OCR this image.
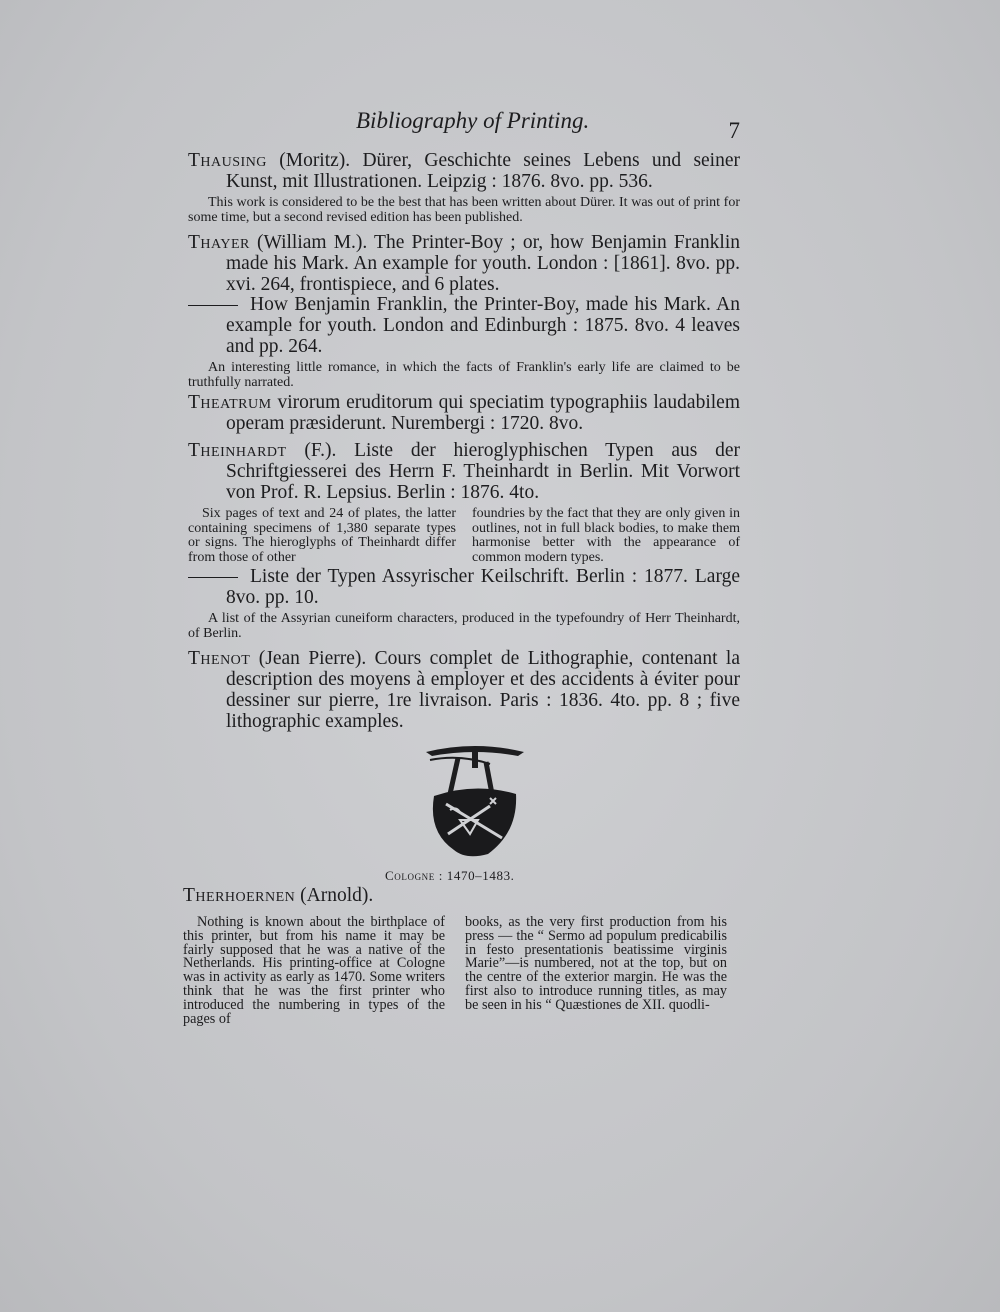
Bibliography of Printing.	7
Thausing (Moritz). Dürer, Geschichte seines Lebens und seiner Kunst, mit Illustrationen. Leipzig : 1876. 8vo. pp. 536.
This work is considered to be the best that has been written about Dürer. It was out of print for some time, but a second revised edition has been published.
Thayer (William M.). The Printer-Boy ; or, how Benjamin Franklin made his Mark. An example for youth. London : [1861]. 8vo. pp. xvi. 264, frontispiece, and 6 plates.
How Benjamin Franklin, the Printer-Boy, made his Mark. An example for youth. London and Edinburgh : 1875. 8vo. 4 leaves and pp. 264.
An interesting little romance, in which the facts of Franklin's early life are claimed to be truthfully narrated.
Theatrum virorum eruditorum qui speciatim typographiis laudabilem operam præsiderunt. Nurembergi : 1720. 8vo.
Theinhardt (F.). Liste der hieroglyphischen Typen aus der Schriftgiesserei des Herrn F. Theinhardt in Berlin. Mit Vorwort von Prof. R. Lepsius. Berlin : 1876. 4to.
Six pages of text and 24 of plates, the latter containing specimens of 1,380 separate types or signs. The hieroglyphs of Theinhardt differ from those of other
foundries by the fact that they are only given in outlines, not in full black bodies, to make them harmonise better with the appearance of common modern types.
Liste der Typen Assyrischer Keilschrift. Berlin : 1877. Large 8vo. pp. 10.
A list of the Assyrian cuneiform characters, produced in the typefoundry of Herr Theinhardt, of Berlin.
Thenot (Jean Pierre). Cours complet de Lithographie, contenant la description des moyens à employer et des accidents à éviter pour dessiner sur pierre, 1re livraison. Paris : 1836. 4to. pp. 8 ; five lithographic examples.
Cologne : 1470–1483.
Therhoernen (Arnold).
Nothing is known about the birthplace of this printer, but from his name it may be fairly supposed that he was a native of the Netherlands. His printing-office at Cologne was in activity as early as 1470. Some writers think that he was the first printer who introduced the numbering in types of the pages of
books, as the very first production from his press — the “ Sermo ad populum predicabilis in festo presentationis beatissime virginis Marie”—is numbered, not at the top, but on the centre of the exterior margin. He was the first also to introduce running titles, as may be seen in his “ Quæstiones de XII. quodli-
